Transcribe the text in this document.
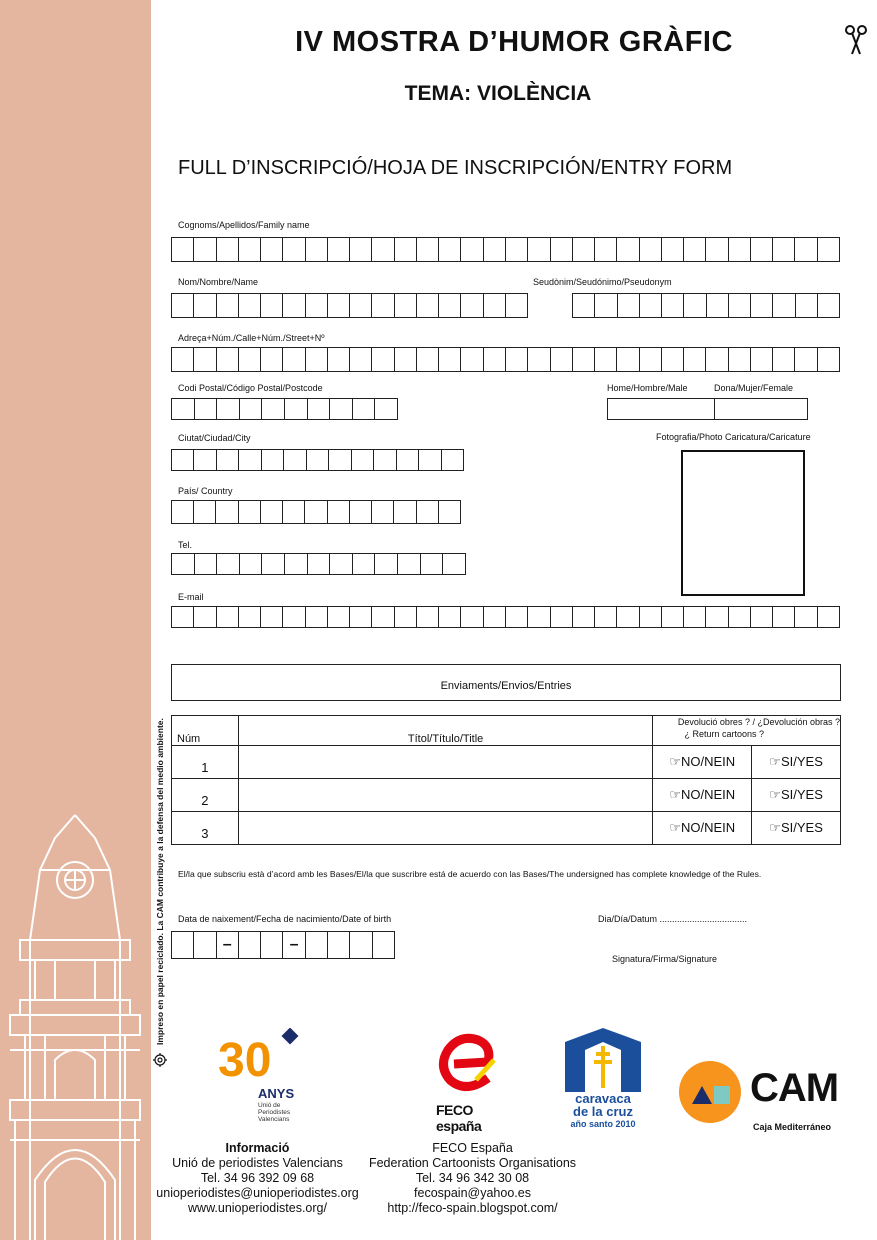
IV MOSTRA D’HUMOR GRÀFIC
TEMA: VIOLÈNCIA
FULL D’INSCRIPCIÓ/HOJA DE INSCRIPCIÓN/ENTRY FORM
Cognoms/Apellidos/Family name
Nom/Nombre/Name	Seudònim/Seudónimo/Pseudonym
Adreça+Núm./Calle+Núm./Street+Nº
Codi Postal/Código Postal/Postcode	Home/Hombre/Male	Dona/Mujer/Female
Ciutat/Ciudad/City	Fotografia/Photo Caricatura/Caricature
País/ Country
Tel.
E-mail
Enviaments/Envios/Entries
Núm	Títol/Título/Title	Devolució obres ? / ¿Devolución obras ?
¿ Return cartoons ?	

1		☞NO/NEIN	☞SI/YES
2		☞NO/NEIN	☞SI/YES
3		☞NO/NEIN	☞SI/YES
El/la que subscriu està d’acord amb les Bases/El/la que suscribre está de acuerdo con las Bases/The undersigned has complete knowledge of the Rules.
Data de naixement/Fecha de nacimiento/Date of birth
–	–
Dia/Día/Datum ...................................
Signatura/Firma/Signature
Impreso en papel reciclado. La CAM contribuye a la defensa del medio ambiente.
30
ANYS
Unió de Periodistes Valencians
FECO españa
caravaca
de la cruz
año santo 2010
CAM
Caja Mediterráneo
Informació
Unió de periodistes Valencians
Tel. 34 96 392 09 68
unioperiodistes@unioperiodistes.org
www.unioperiodistes.org/
FECO España
Federation Cartoonists Organisations
Tel. 34 96 342 30 08
fecospain@yahoo.es
http://feco-spain.blogspot.com/
